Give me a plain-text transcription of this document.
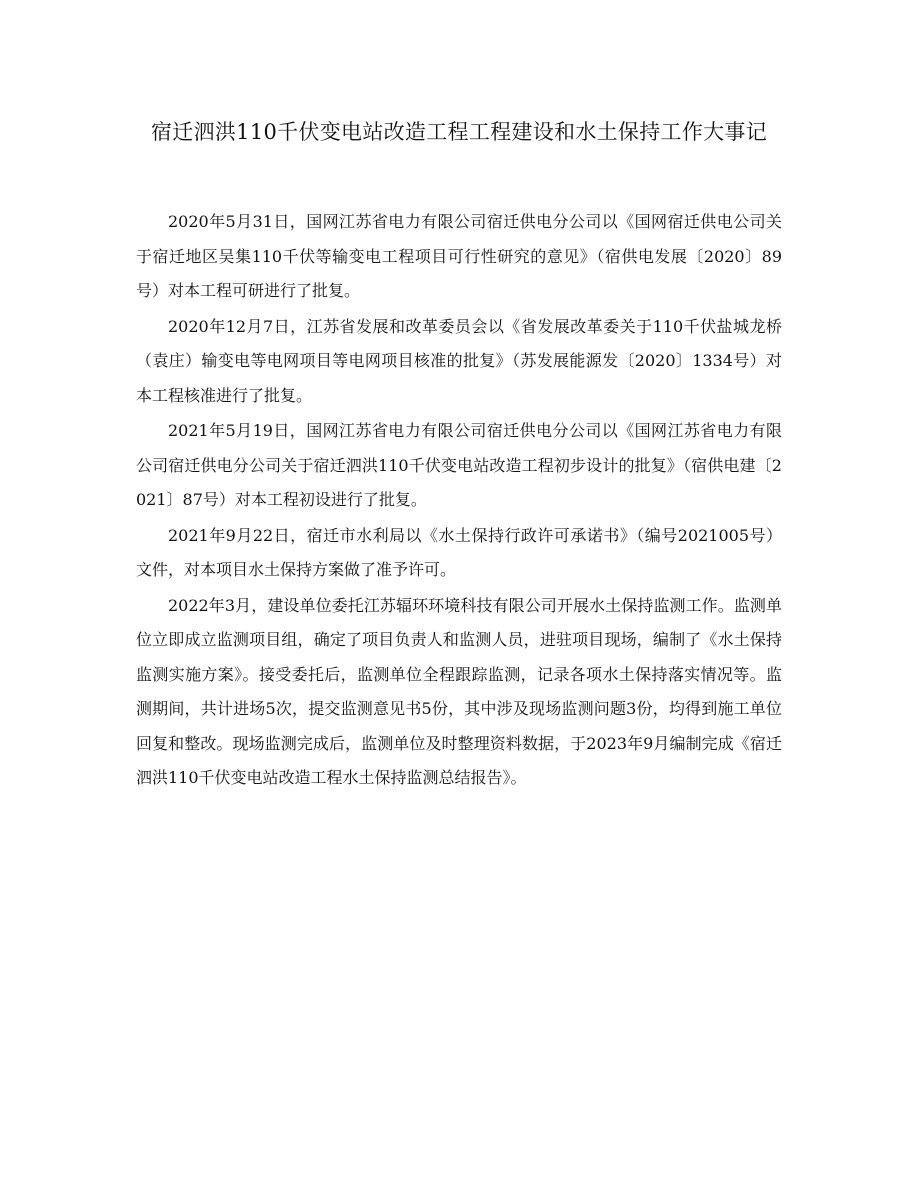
宿迁泗洪110千伏变电站改造工程工程建设和水土保持工作大事记

2020年5月31日，国网江苏省电力有限公司宿迁供电分公司以《国网宿迁供电公司关于宿迁地区吴集110千伏等输变电工程项目可行性研究的意见》（宿供电发展〔2020〕89号）对本工程可研进行了批复。

2020年12月7日，江苏省发展和改革委员会以《省发展改革委关于110千伏盐城龙桥（袁庄）输变电等电网项目等电网项目核准的批复》（苏发展能源发〔2020〕1334号）对本工程核准进行了批复。

2021年5月19日，国网江苏省电力有限公司宿迁供电分公司以《国网江苏省电力有限公司宿迁供电分公司关于宿迁泗洪110千伏变电站改造工程初步设计的批复》（宿供电建〔2021〕87号）对本工程初设进行了批复。

2021年9月22日，宿迁市水利局以《水土保持行政许可承诺书》（编号2021005号）文件，对本项目水土保持方案做了准予许可。

2022年3月，建设单位委托江苏辐环环境科技有限公司开展水土保持监测工作。监测单位立即成立监测项目组，确定了项目负责人和监测人员，进驻项目现场，编制了《水土保持监测实施方案》。接受委托后，监测单位全程跟踪监测，记录各项水土保持落实情况等。监测期间，共计进场5次，提交监测意见书5份，其中涉及现场监测问题3份，均得到施工单位回复和整改。现场监测完成后，监测单位及时整理资料数据，于2023年9月编制完成《宿迁泗洪110千伏变电站改造工程水土保持监测总结报告》。
